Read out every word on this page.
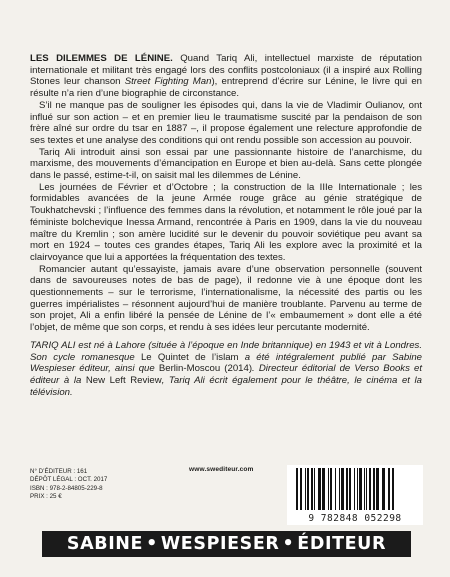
LES DILEMMES DE LÉNINE. Quand Tariq Ali, intellectuel marxiste de réputation internationale et militant très engagé lors des conflits postcoloniaux (il a inspiré aux Rolling Stones leur chanson Street Fighting Man), entreprend d’écrire sur Lénine, le livre qui en résulte n’a rien d’une biographie de circonstance.

S’il ne manque pas de souligner les épisodes qui, dans la vie de Vladimir Oulianov, ont influé sur son action – et en premier lieu le traumatisme suscité par la pendaison de son frère aîné sur ordre du tsar en 1887 –, il propose également une relecture approfondie de ses textes et une analyse des conditions qui ont rendu possible son accession au pouvoir.

Tariq Ali introduit ainsi son essai par une passionnante histoire de l’anarchisme, du marxisme, des mouvements d’émancipation en Europe et bien au-delà. Sans cette plongée dans le passé, estime-t-il, on saisit mal les dilemmes de Lénine.

Les journées de Février et d’Octobre ; la construction de la IIIe Internationale ; les formidables avancées de la jeune Armée rouge grâce au génie stratégique de Toukhatchevski ; l’influence des femmes dans la révolution, et notamment le rôle joué par la féministe bolchevique Inessa Armand, rencontrée à Paris en 1909, dans la vie du nouveau maître du Kremlin ; son amère lucidité sur le devenir du pouvoir soviétique peu avant sa mort en 1924 – toutes ces grandes étapes, Tariq Ali les explore avec la proximité et la clairvoyance que lui a apportées la fréquentation des textes.

Romancier autant qu’essayiste, jamais avare d’une observation personnelle (souvent dans de savoureuses notes de bas de page), il redonne vie à une époque dont les questionnements – sur le terrorisme, l’internationalisme, la nécessité des partis ou les guerres impérialistes – résonnent aujourd’hui de manière troublante. Parvenu au terme de son projet, Ali a enfin libéré la pensée de Lénine de l’« embaumement » dont elle a été l’objet, de même que son corps, et rendu à ses idées leur percutante modernité.

TARIQ ALI est né à Lahore (située à l’époque en Inde britannique) en 1943 et vit à Londres. Son cycle romanesque Le Quintet de l’islam a été intégralement publié par Sabine Wespieser éditeur, ainsi que Berlin-Moscou (2014). Directeur éditorial de Verso Books et éditeur à la New Left Review, Tariq Ali écrit également pour le théâtre, le cinéma et la télévision.

N° D’ÉDITEUR : 161
DÉPÔT LÉGAL : OCT. 2017
ISBN : 978-2-84805-229-8
PRIX : 25 €
www.swediteur.com
9 782848 052298
SABINE • WESPIESER • ÉDITEUR
